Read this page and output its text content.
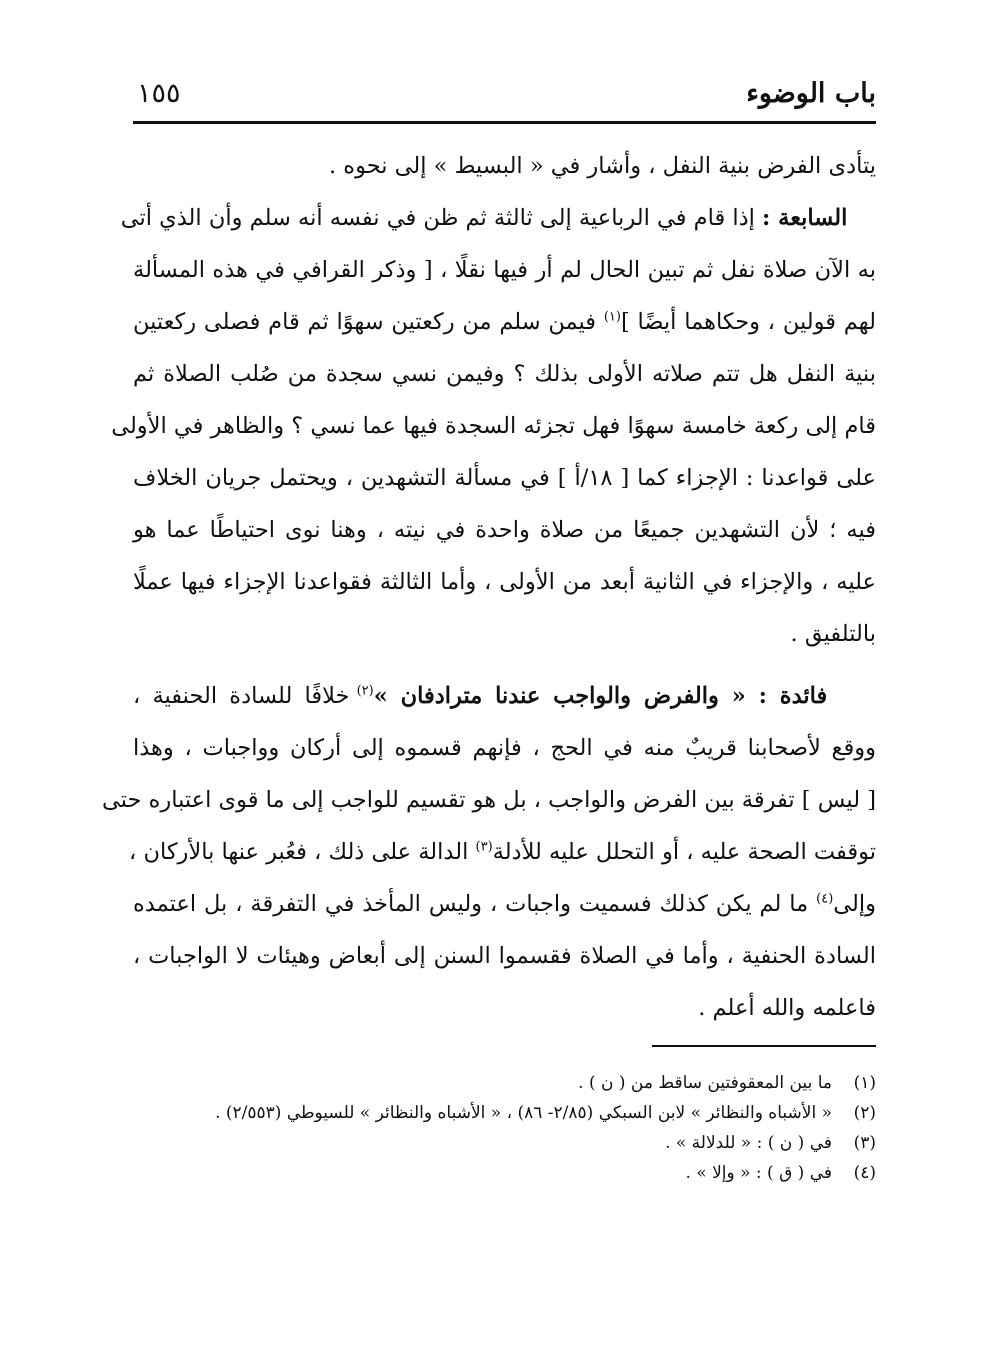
باب الوضوء
١٥٥
يتأدى الفرض بنية النفل ، وأشار في « البسيط » إلى نحوه .
السابعة : إذا قام في الرباعية إلى ثالثة ثم ظن في نفسه أنه سلم وأن الذي أتى
به الآن صلاة نفل ثم تبين الحال لم أر فيها نقلًا ، [ وذكر القرافي في هذه المسألة
لهم قولين ، وحكاهما أيضًا ]$^{(١)}$ فيمن سلم من ركعتين سهوًا ثم قام فصلى ركعتين
بنية النفل هل تتم صلاته الأولى بذلك ؟ وفيمن نسي سجدة من صُلب الصلاة ثم
قام إلى ركعة خامسة سهوًا فهل تجزئه السجدة فيها عما نسي ؟ والظاهر في الأولى
على قواعدنا : الإجزاء كما [ ١٨/أ ] في مسألة التشهدين ، ويحتمل جريان الخلاف
فيه ؛ لأن التشهدين جميعًا من صلاة واحدة في نيته ، وهنا نوى احتياطًا عما هو
عليه ، والإجزاء في الثانية أبعد من الأولى ، وأما الثالثة فقواعدنا الإجزاء فيها عملًا
بالتلفيق .
فائدة : « والفرض والواجب عندنا مترادفان »$^{(٢)}$ خلافًا للسادة الحنفية ،
ووقع لأصحابنا قريبٌ منه في الحج ، فإنهم قسموه إلى أركان وواجبات ، وهذا
[ ليس ] تفرقة بين الفرض والواجب ، بل هو تقسيم للواجب إلى ما قوى اعتباره حتى
توقفت الصحة عليه ، أو التحلل عليه للأدلة$^{(٣)}$ الدالة على ذلك ، فعُبر عنها بالأركان ،
وإلى$^{(٤)}$ ما لم يكن كذلك فسميت واجبات ، وليس المأخذ في التفرقة ، بل اعتمده
السادة الحنفية ، وأما في الصلاة فقسموا السنن إلى أبعاض وهيئات لا الواجبات ،
فاعلمه والله أعلم .
(١)ما بين المعقوفتين ساقط من ( ن ) .
(٢)« الأشباه والنظائر » لابن السبكي (٢/٨٥- ٨٦) ، « الأشباه والنظائر » للسيوطي (٢/٥٥٣) .
(٣)في ( ن ) : « للدلالة » .
(٤)في ( ق ) : « وإلا » .
